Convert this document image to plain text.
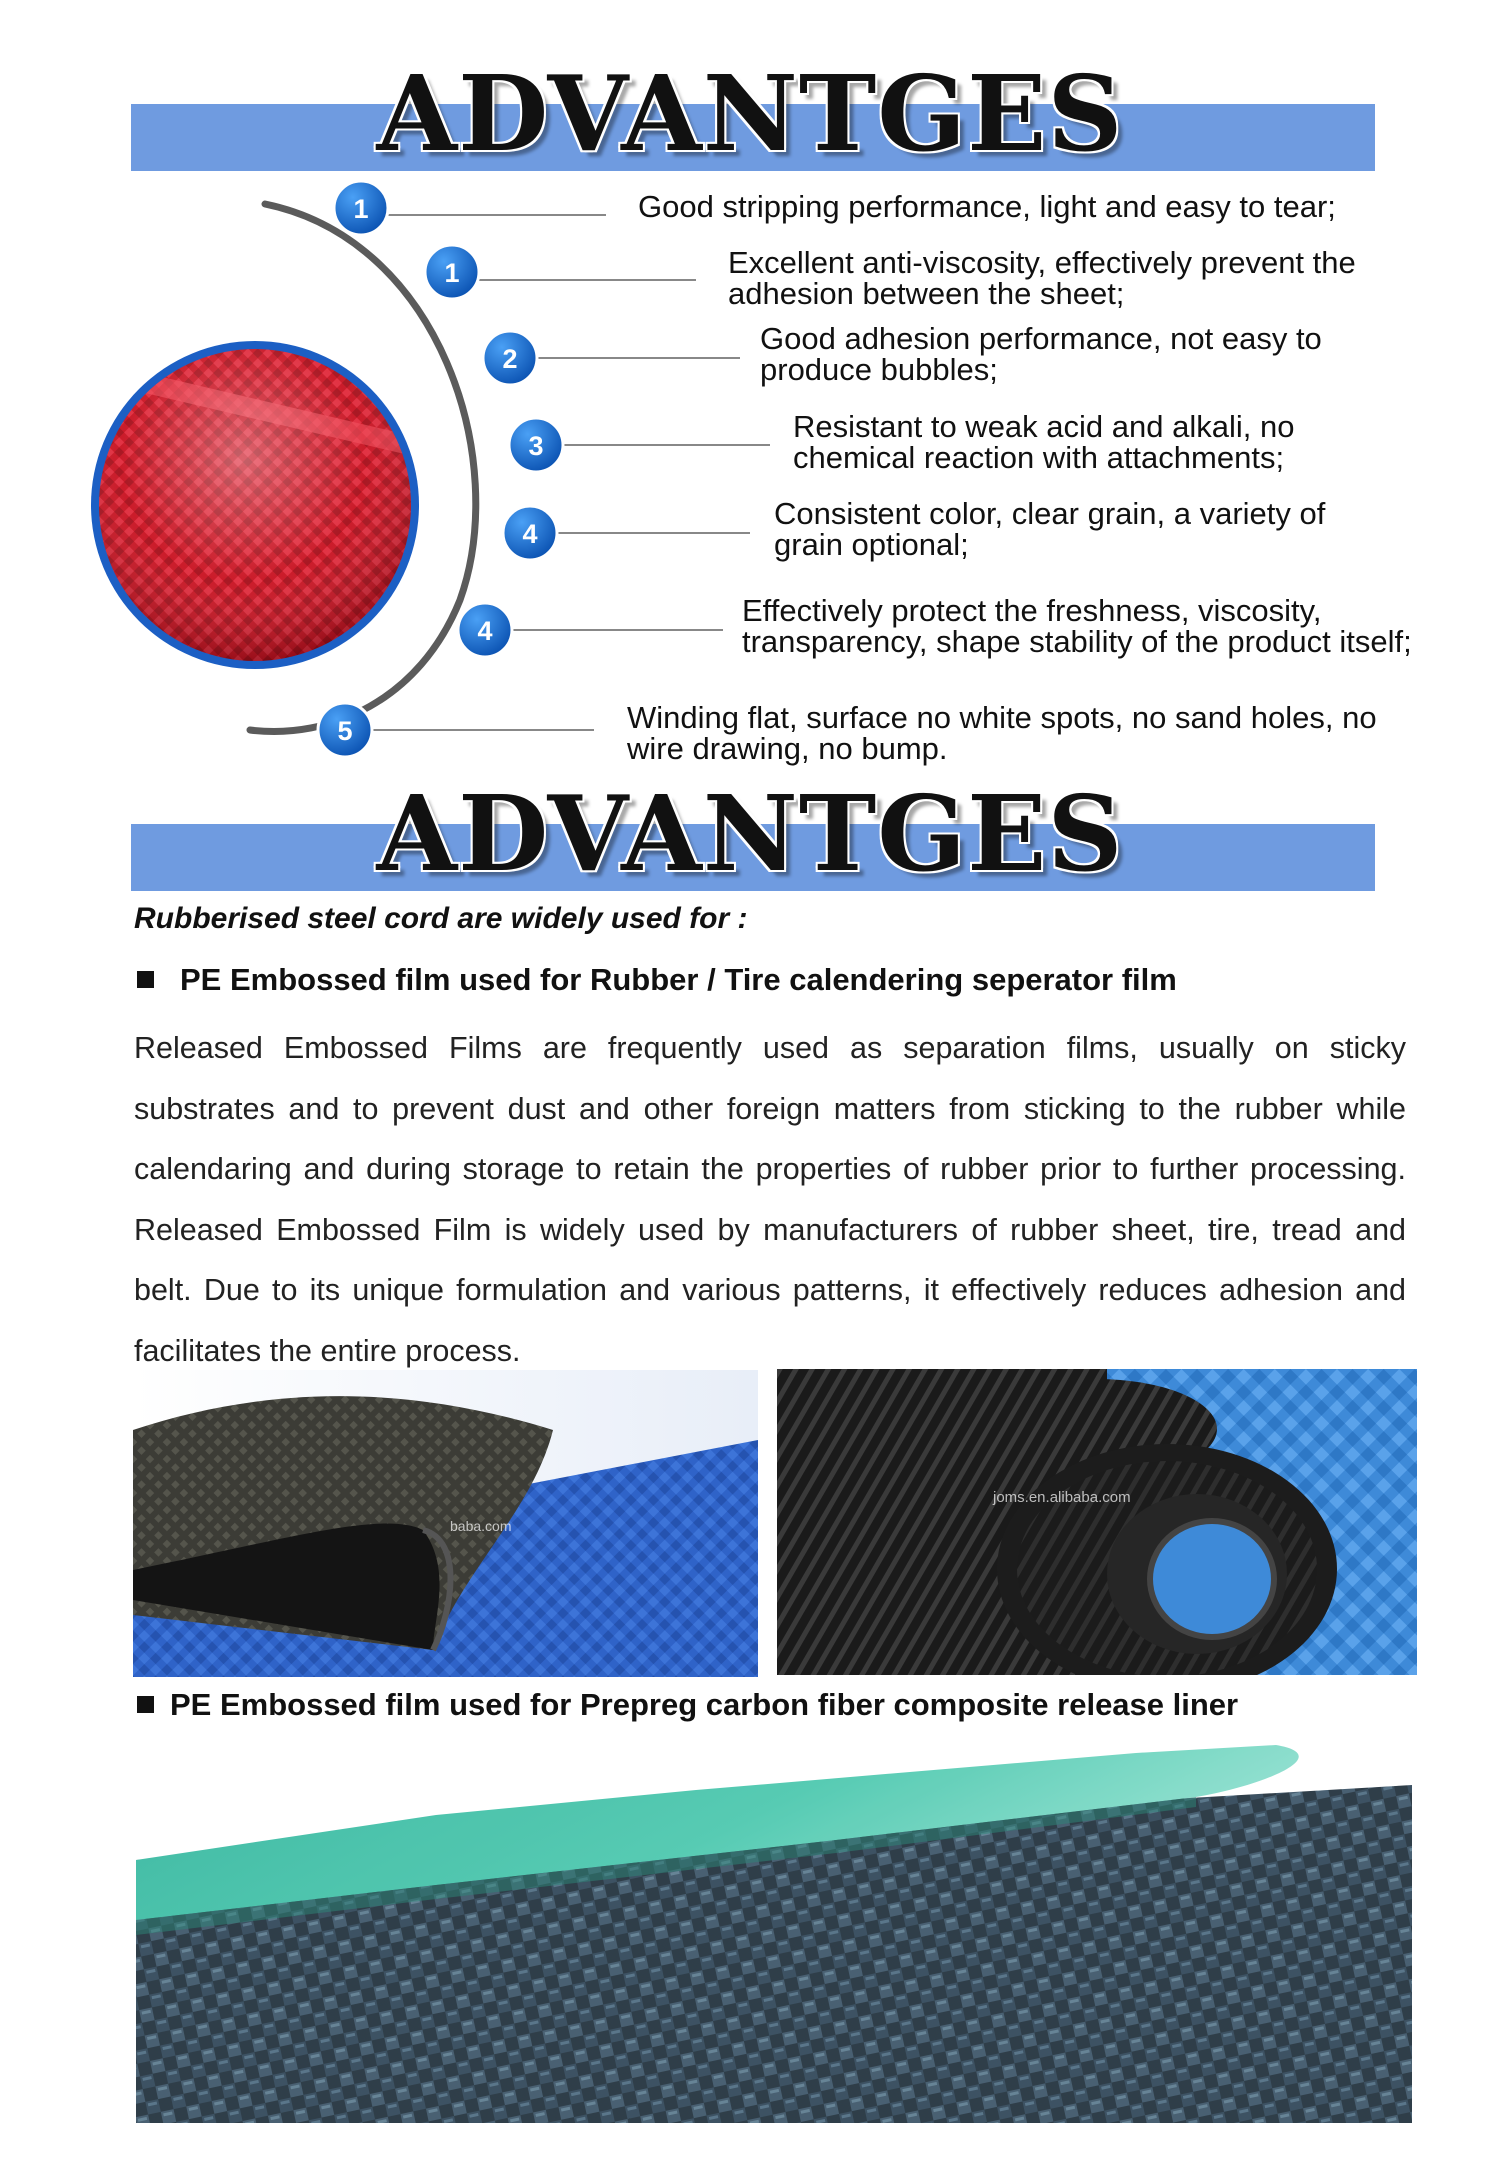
ADVANTGES
1
1
2
3
4
4
5
Good stripping performance, light and easy to tear;
Excellent anti-viscosity, effectively prevent the adhesion between the sheet;
Good adhesion performance, not easy to produce bubbles;
Resistant to weak acid and alkali, no chemical reaction with attachments;
Consistent color, clear grain, a variety of grain optional;
Effectively protect the freshness, viscosity, transparency, shape stability of the product itself;
Winding flat, surface no white spots, no sand holes, no wire drawing, no bump.
ADVANTGES
Rubberised steel cord are widely used for :
PE Embossed film used for Rubber / Tire calendering seperator film
Released Embossed Films are frequently used as separation films, usually on sticky substrates and to prevent dust and other foreign matters from sticking to the rubber while calendaring and during storage to retain the properties of rubber prior to further processing. Released Embossed Film is widely used by manufacturers of rubber sheet, tire, tread and belt. Due to its unique formulation and various patterns, it effectively reduces adhesion and facilitates the entire process.
baba.com
joms.en.alibaba.com
PE Embossed film used for Prepreg carbon fiber composite release liner
